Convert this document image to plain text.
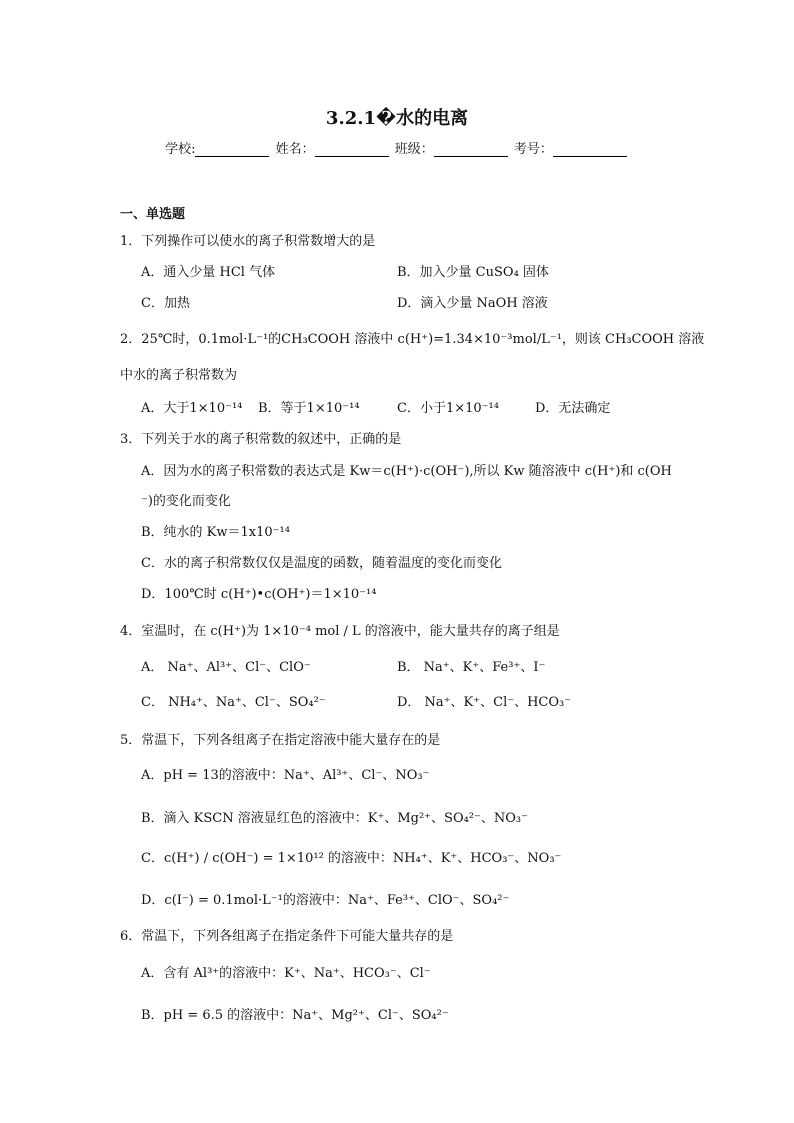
3.2.1�水的电离
学校:	姓名：	班级：	考号：
一、单选题
1．下列操作可以使水的离子积常数增大的是
A．通入少量 HCl 气体	B．加入少量 CuSO₄ 固体
C．加热	D．滴入少量 NaOH 溶液
2．25℃时，0.1mol·L⁻¹的CH₃COOH 溶液中 c(H⁺)=1.34×10⁻³mol/L⁻¹，则该 CH₃COOH 溶液
中水的离子积常数为
A．大于1×10⁻¹⁴ B．等于1×10⁻¹⁴	C．小于1×10⁻¹⁴	D．无法确定
3．下列关于水的离子积常数的叙述中，正确的是
A．因为水的离子积常数的表达式是 Kw＝c(H⁺)·c(OH⁻),所以 Kw 随溶液中 c(H⁺)和 c(OH
⁻)的变化而变化
B．纯水的 Kw＝1x10⁻¹⁴
C．水的离子积常数仅仅是温度的函数，随着温度的变化而变化
D．100℃时 c(H⁺)•c(OH⁺)＝1×10⁻¹⁴
4．室温时，在 c(H⁺)为 1×10⁻⁴ mol / L 的溶液中，能大量共存的离子组是
A． Na⁺、Al³⁺、Cl⁻、ClO⁻	B． Na⁺、K⁺、Fe³⁺、I⁻
C． NH₄⁺、Na⁺、Cl⁻、SO₄²⁻	D． Na⁺、K⁺、Cl⁻、HCO₃⁻
5．常温下，下列各组离子在指定溶液中能大量存在的是
A．pH = 13的溶液中：Na⁺、Al³⁺、Cl⁻、NO₃⁻
B．滴入 KSCN 溶液显红色的溶液中：K⁺、Mg²⁺、SO₄²⁻、NO₃⁻
C．c(H⁺) / c(OH⁻) = 1×10¹² 的溶液中：NH₄⁺、K⁺、HCO₃⁻、NO₃⁻
D．c(I⁻) = 0.1mol·L⁻¹的溶液中：Na⁺、Fe³⁺、ClO⁻、SO₄²⁻
6．常温下，下列各组离子在指定条件下可能大量共存的是
A．含有 Al³⁺的溶液中：K⁺、Na⁺、HCO₃⁻、Cl⁻
B．pH = 6.5 的溶液中：Na⁺、Mg²⁺、Cl⁻、SO₄²⁻
